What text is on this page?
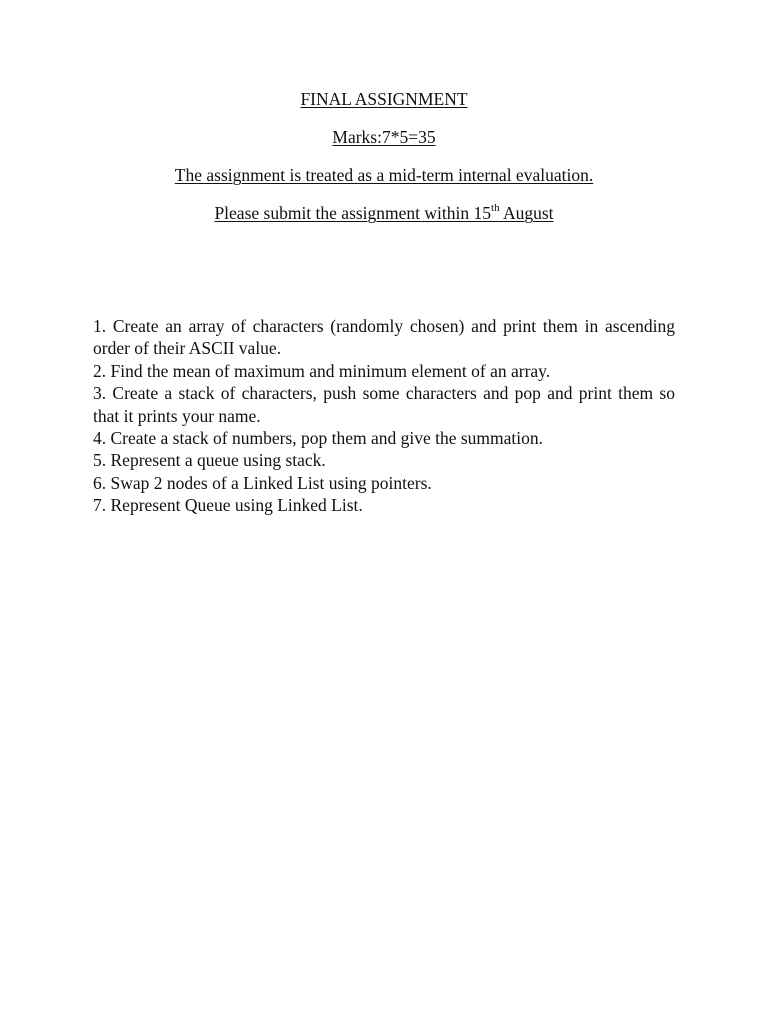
FINAL ASSIGNMENT
Marks:7*5=35
The assignment is treated as a mid-term internal evaluation.
Please submit the assignment within 15th August
1. Create an array of characters (randomly chosen) and print them in ascending order of their ASCII value.
2. Find the mean of maximum and minimum element of an array.
3. Create a stack of characters, push some characters and pop and print them so that it prints your name.
4. Create a stack of numbers, pop them and give the summation.
5. Represent a queue using stack.
6. Swap 2 nodes of a Linked List using pointers.
7. Represent Queue using Linked List.
